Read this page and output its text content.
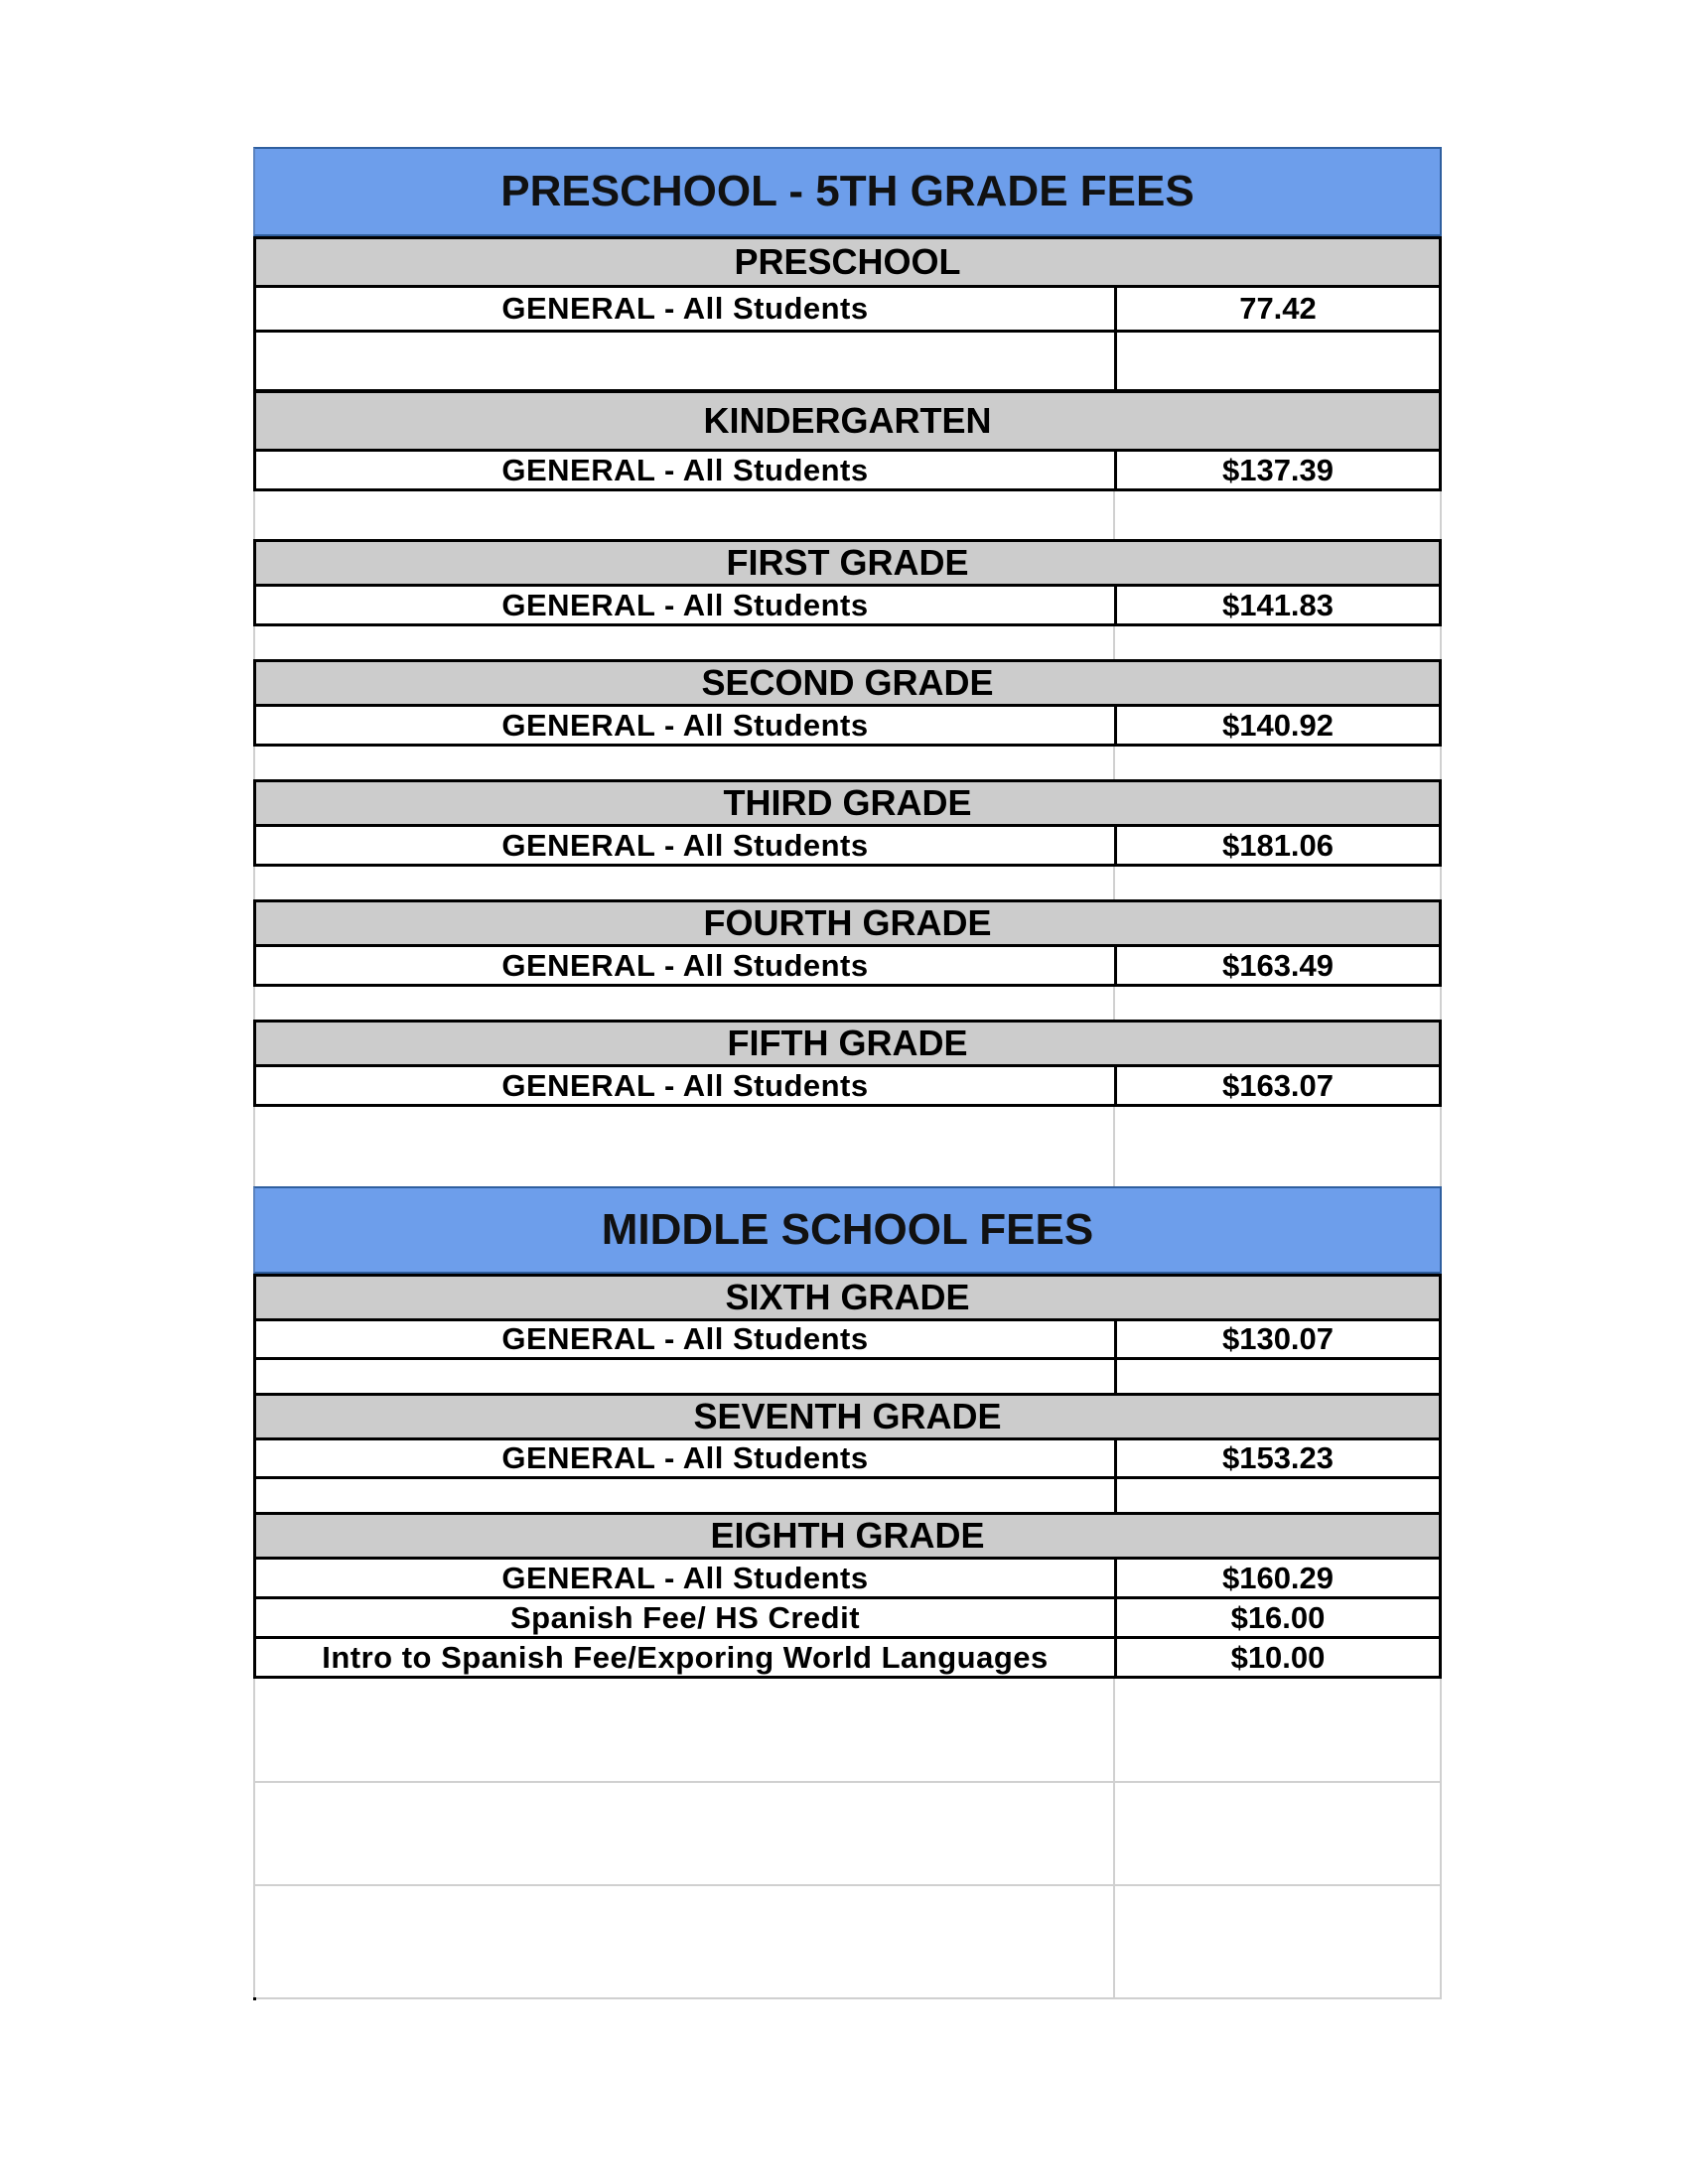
PRESCHOOL - 5TH GRADE FEES
PRESCHOOL
GENERAL - All Students	77.42
KINDERGARTEN
GENERAL - All Students	$137.39
FIRST GRADE
GENERAL - All Students	$141.83
SECOND GRADE
GENERAL - All Students	$140.92
THIRD GRADE
GENERAL - All Students	$181.06
FOURTH GRADE
GENERAL - All Students	$163.49
FIFTH GRADE
GENERAL - All Students	$163.07
MIDDLE SCHOOL FEES
SIXTH GRADE
GENERAL - All Students	$130.07
SEVENTH GRADE
GENERAL - All Students	$153.23
EIGHTH GRADE
GENERAL - All Students	$160.29
Spanish Fee/ HS Credit	$16.00
Intro to Spanish Fee/Exporing World Languages	$10.00
